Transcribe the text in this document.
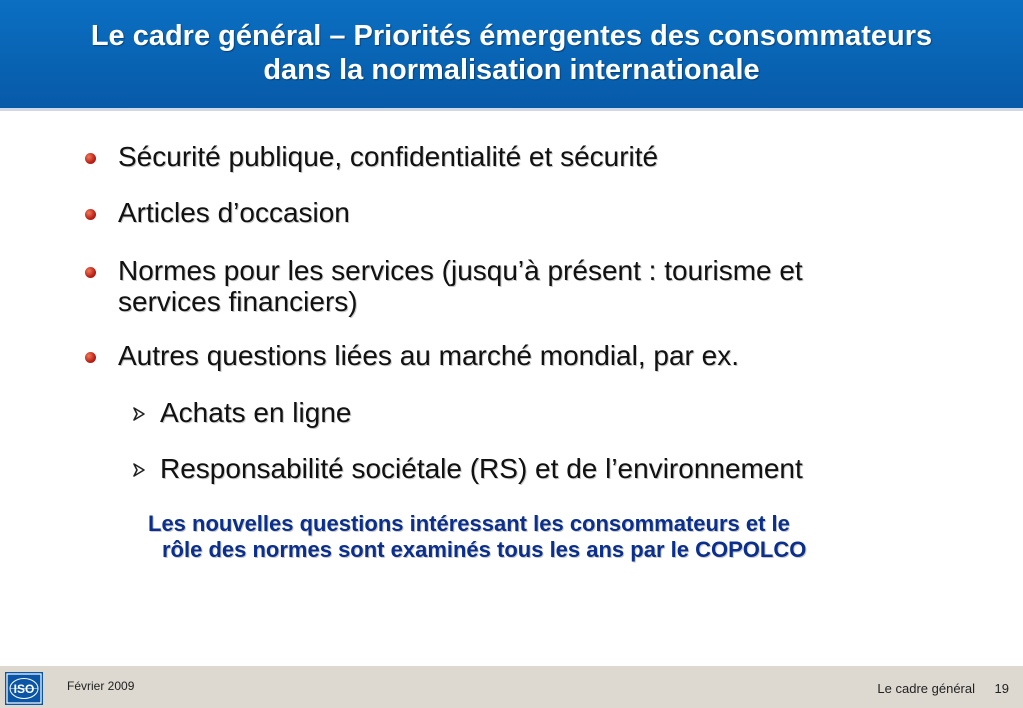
Le cadre général – Priorités émergentes des consommateurs
dans la normalisation internationale
Sécurité publique, confidentialité et sécurité
Articles d’occasion
Normes pour les services (jusqu’à présent : tourisme et
services financiers)
Autres questions liées au marché mondial, par ex.
Achats en ligne
Responsabilité sociétale (RS) et de l’environnement
Les nouvelles questions intéressant les consommateurs et le
rôle des normes sont examinés tous les ans par le COPOLCO
ISO	Février 2009	Le cadre général 19
